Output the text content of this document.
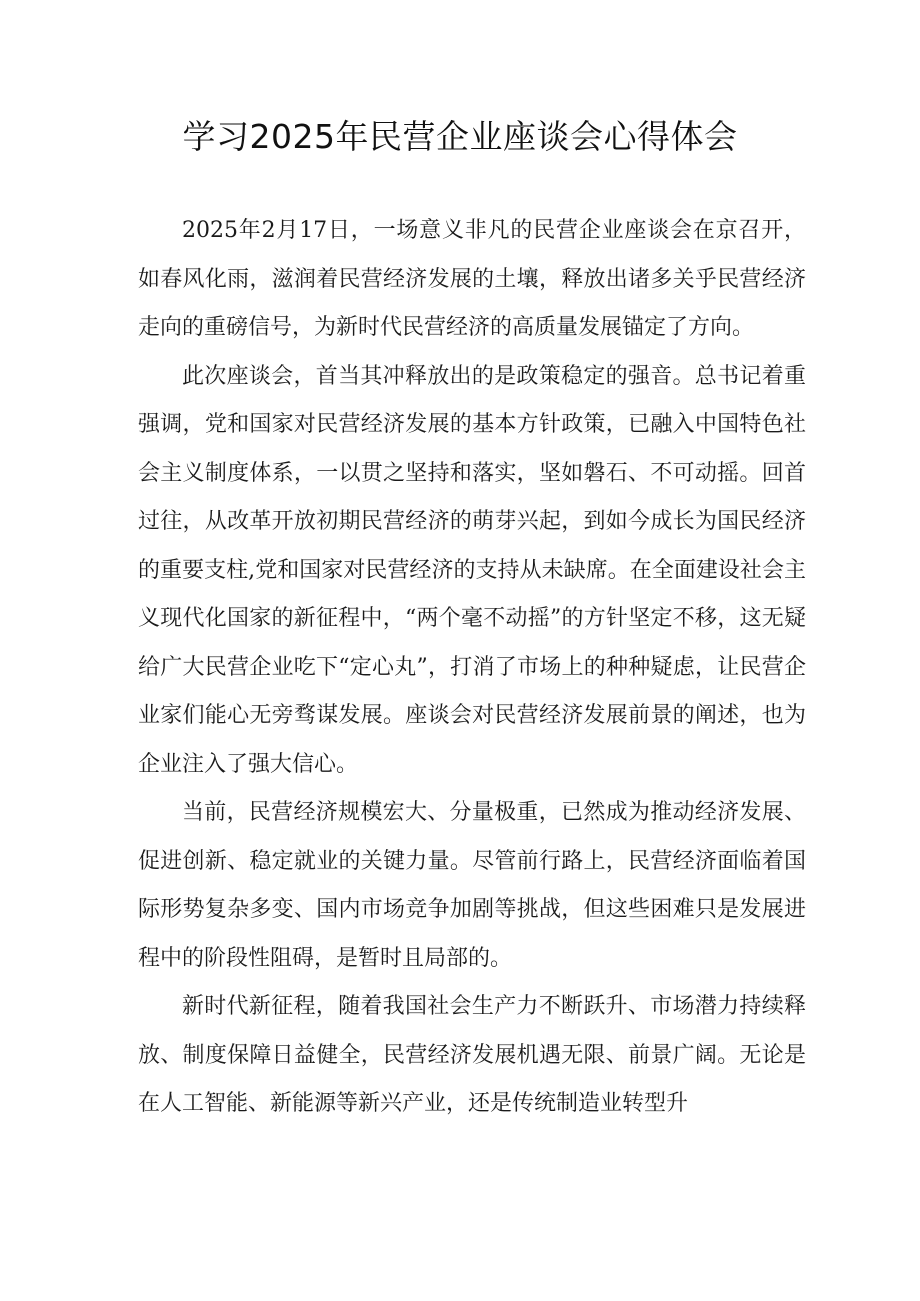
学习2025年民营企业座谈会心得体会

2025年2月17日，一场意义非凡的民营企业座谈会在京召开，如春风化雨，滋润着民营经济发展的土壤，释放出诸多关乎民营经济走向的重磅信号，为新时代民营经济的高质量发展锚定了方向。

此次座谈会，首当其冲释放出的是政策稳定的强音。总书记着重强调，党和国家对民营经济发展的基本方针政策，已融入中国特色社会主义制度体系，一以贯之坚持和落实，坚如磐石、不可动摇。回首过往，从改革开放初期民营经济的萌芽兴起，到如今成长为国民经济的重要支柱,党和国家对民营经济的支持从未缺席。在全面建设社会主义现代化国家的新征程中，“两个毫不动摇”的方针坚定不移，这无疑给广大民营企业吃下“定心丸”，打消了市场上的种种疑虑，让民营企业家们能心无旁骛谋发展。座谈会对民营经济发展前景的阐述，也为企业注入了强大信心。

当前，民营经济规模宏大、分量极重，已然成为推动经济发展、促进创新、稳定就业的关键力量。尽管前行路上，民营经济面临着国际形势复杂多变、国内市场竞争加剧等挑战，但这些困难只是发展进程中的阶段性阻碍，是暂时且局部的。

新时代新征程，随着我国社会生产力不断跃升、市场潜力持续释放、制度保障日益健全，民营经济发展机遇无限、前景广阔。无论是在人工智能、新能源等新兴产业，还是传统制造业转型升
